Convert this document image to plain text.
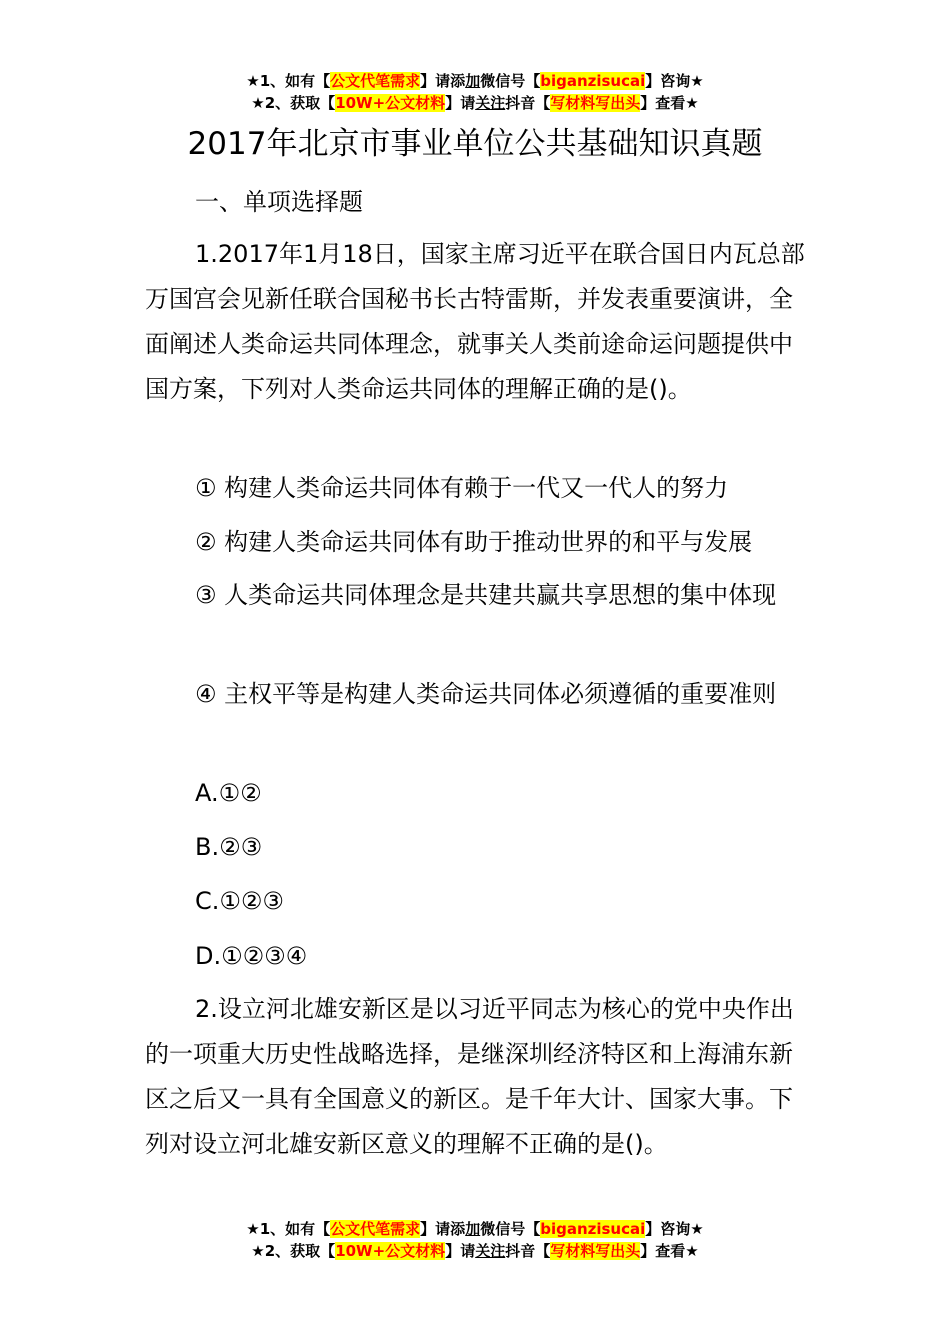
★1、如有【公文代笔需求】请添加微信号【biganzisucai】咨询★
★2、获取【10W+公文材料】请关注抖音【写材料写出头】查看★
2017年北京市事业单位公共基础知识真题

一、单项选择题

1.2017年1月18日，国家主席习近平在联合国日内瓦总部万国宫会见新任联合国秘书长古特雷斯，并发表重要演讲，全面阐述人类命运共同体理念，就事关人类前途命运问题提供中国方案，下列对人类命运共同体的理解正确的是()。

① 构建人类命运共同体有赖于一代又一代人的努力

② 构建人类命运共同体有助于推动世界的和平与发展

③ 人类命运共同体理念是共建共赢共享思想的集中体现

④ 主权平等是构建人类命运共同体必须遵循的重要准则

A.①②
B.②③
C.①②③
D.①②③④

2.设立河北雄安新区是以习近平同志为核心的党中央作出的一项重大历史性战略选择，是继深圳经济特区和上海浦东新区之后又一具有全国意义的新区。是千年大计、国家大事。下列对设立河北雄安新区意义的理解不正确的是()。

★1、如有【公文代笔需求】请添加微信号【biganzisucai】咨询★
★2、获取【10W+公文材料】请关注抖音【写材料写出头】查看★
